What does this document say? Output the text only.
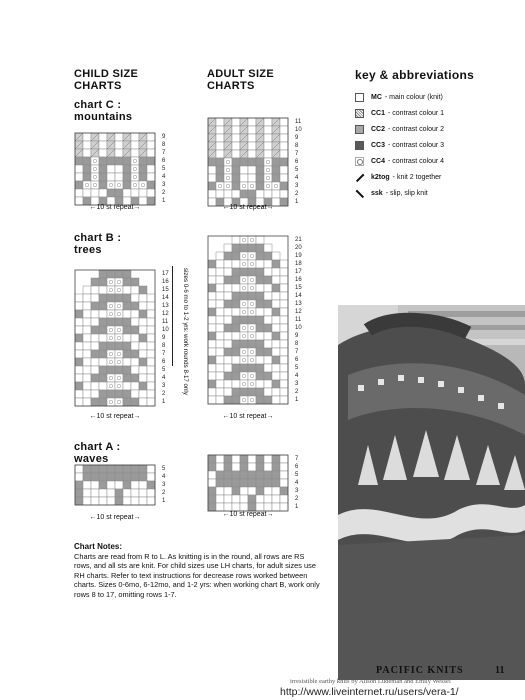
CHILD SIZE
CHARTS
ADULT SIZE
CHARTS
chart C :
mountains
chart B :
trees
chart A :
waves
9
8
7
6
5
4
3
2
1
11
10
9
8
7
6
5
4
3
2
1
17
16
15
14
13
12
11
10
9
8
7
6
5
4
3
2
1
21
20
19
18
17
16
15
14
13
12
11
10
9
8
7
6
5
4
3
2
1
5
4
3
2
1
7
6
5
4
3
2
1
←10 st repeat→	←10 st repeat→
←10 st repeat→	←10 st repeat→
←10 st repeat→	←10 st repeat→
sizes 0-6 mo to 1-2 yrs: work rounds 8-17 only
key & abbreviations
MC - main colour (knit)
CC1 - contrast colour 1
CC2 - contrast colour 2
CC3 - contrast colour 3
CC4 - contrast colour 4
k2tog - knit 2 together
ssk - slip, slip knit
Chart Notes:
Charts are read from R to L. As knitting is in the round, all rows are RS rows, and all sts are knit. For child sizes use LH charts, for adult sizes use RH charts. Refer to text instructions for decrease rows worked between charts. Sizes 0-6mo, 6-12mo, and 1-2 yrs: when working chart B, work only rows 8 to 17, omitting rows 1-7.
PACIFIC KNITS	11
irresistible earthy knits by Alison Ludeman and Emily Wessel
http://www.liveinternet.ru/users/vera-1/
